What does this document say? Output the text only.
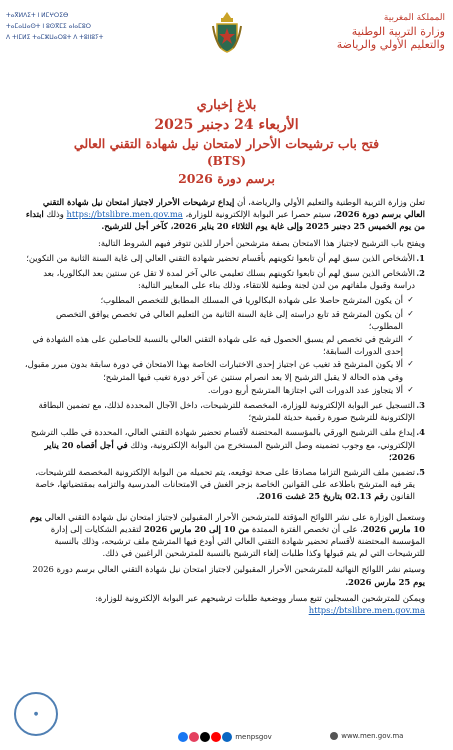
ⵜⴰⴳⵍⴷⵉⵜ ⵏ ⵍⵎⵖⵔⵉⴱ
ⵜⴰⵎⴰⵡⴰⵙⵜ ⵏ ⵓⵙⴳⵎⵉ ⴰⵏⴰⵎⵓⵔ
ⴷ ⵜⵏⵎⵍⵉ ⵜⴰⵎⵣⵡⴰⵔⵓⵜ ⴷ ⵜⵓⵏⵏⵓⵢⵜ
المملكة المغربية
وزارة التربية الوطنية
والتعليم الأولي والرياضة
بلاغ إخباري
الأربعاء 24 دجنبر 2025
فتح باب ترشيحات الأحرار لامتحان نيل شهادة التقني العالي
(BTS)
برسم دورة 2026

تعلن وزارة التربية الوطنية والتعليم الأولي والرياضة، أن إيداع ترشيحات الأحرار لاجتياز امتحان نيل شهادة التقني العالي برسم دورة 2026، سيتم حصرا عبر البوابة الإلكترونية للوزارة، https://btslibre.men.gov.ma وذلك ابتداء من يوم الخميس 25 دجنبر 2025 وإلى غاية يوم الثلاثاء 20 يناير 2026، كآخر أجل للترشيح.

ويفتح باب الترشيح لاجتياز هذا الامتحان بصفة مترشحين أحرار للذين تتوفر فيهم الشروط التالية:

1.
الأشخاص الذين سبق لهم أن تابعوا تكوينهم بأقسام تحضير شهادة التقني العالي إلى غاية السنة الثانية من التكوين؛
2.
الأشخاص الذين سبق لهم أن تابعوا تكوينهم بسلك تعليمي عالي آخر لمدة لا تقل عن سنتين بعد البكالوريا، بعد دراسة وقبول ملفاتهم من لدن لجنة وطنية للانتقاء، وذلك بناء على المعايير التالية:
✓
أن يكون المترشح حاصلا على شهادة البكالوريا في المسلك المطابق للتخصص المطلوب؛
✓
أن يكون المترشح قد تابع دراسته إلى غاية السنة الثانية من التعليم العالي في تخصص يوافق التخصص المطلوب؛
✓
الترشح في تخصص لم يسبق الحصول فيه على شهادة التقني العالي بالنسبة للحاصلين على هذه الشهادة في إحدى الدورات السابقة؛
✓
ألا يكون المترشح قد تغيب عن اجتياز إحدى الاختبارات الخاصة بهذا الامتحان في دورة سابقة بدون مبرر مقبول، وفي هذه الحالة لا يقبل الترشيح إلا بعد انصرام سنتين عن آخر دورة تغيب فيها المترشح؛
✓
ألا يتجاوز عدد الدورات التي اجتازها المترشح أربع دورات.
3.
التسجيل عبر البوابة الإلكترونية للوزارة، المخصصة للترشيحات، داخل الآجال المحددة لذلك، مع تضمين البطاقة الإلكترونية للترشيح صورة رقمية حديثة للمترشح؛
4.
إيداع ملف الترشيح الورقي بالمؤسسة المحتضنة لأقسام تحضير شهادة التقني العالي، المحددة في طلب الترشيح الإلكتروني، مع وجوب تضمينه وصل الترشيح المستخرج من البوابة الإلكترونية، وذلك في أجل أقصاه 20 يناير 2026؛
5.
تضمين ملف الترشيح التزاما مصادقا على صحة توقيعه، يتم تحميله من البوابة الإلكترونية المخصصة للترشيحات، يقر فيه المترشح باطلاعه على القوانين الخاصة بزجر الغش في الامتحانات المدرسية والتزامه بمقتضياتها، خاصة القانون رقم 02.13 بتاريخ 25 غشت 2016.

وستعمل الوزارة على نشر اللوائح المؤقتة للمترشحين الأحرار المقبولين لاجتياز امتحان نيل شهادة التقني العالي يوم 10 مارس 2026، على أن تخصص الفترة الممتدة من 10 إلى 20 مارس 2026 لتقديم الشكايات إلى إدارة المؤسسة المحتضنة لأقسام تحضير شهادة التقني العالي التي أودع فيها المترشح ملف ترشيحه، وذلك بالنسبة للترشيحات التي لم يتم قبولها وكذا طلبات إلغاء الترشيح بالنسبة للمترشحين الراغبين في ذلك.

وسيتم نشر اللوائح النهائية للمترشحين الأحرار المقبولين لاجتياز امتحان نيل شهادة التقني العالي برسم دورة 2026 يوم 25 مارس 2026.

ويمكن للمترشحين المسجلين تتبع مسار ووضعية طلبات ترشيحهم عبر البوابة الإلكترونية للوزارة:
https://btslibre.men.gov.ma

●
menpsgov	www.men.gov.ma
